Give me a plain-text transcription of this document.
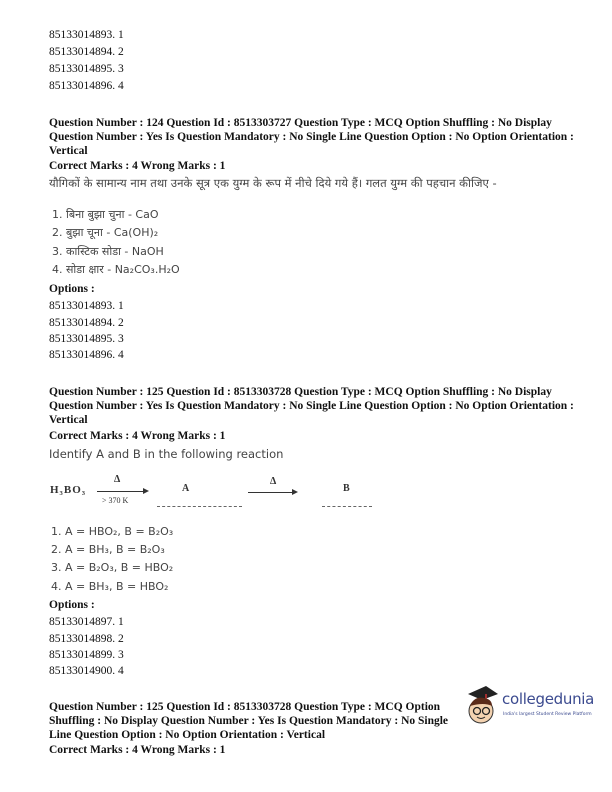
85133014893. 1
85133014894. 2
85133014895. 3
85133014896. 4
Question Number : 124 Question Id : 8513303727 Question Type : MCQ Option Shuffling : No Display Question Number : Yes Is Question Mandatory : No Single Line Question Option : No Option Orientation : Vertical
Correct Marks : 4 Wrong Marks : 1
यौगिकों के सामान्य नाम तथा उनके सूत्र एक युग्म के रूप में नीचे दिये गये हैं। गलत युग्म की पहचान कीजिए -
1. बिना बुझा चुना - CaO
2. बुझा चूना - Ca(OH)₂
3. कास्टिक सोडा - NaOH
4. सोडा क्षार - Na₂CO₃.H₂O
Options :
85133014893. 1
85133014894. 2
85133014895. 3
85133014896. 4
Question Number : 125 Question Id : 8513303728 Question Type : MCQ Option Shuffling : No Display Question Number : Yes Is Question Mandatory : No Single Line Question Option : No Option Orientation : Vertical
Correct Marks : 4 Wrong Marks : 1
Identify A and B in the following reaction
H₃BO₃
Δ
> 370 K
A
Δ
B
1. A = HBO₂, B = B₂O₃
2. A = BH₃, B = B₂O₃
3. A = B₂O₃, B = HBO₂
4. A = BH₃, B = HBO₂
Options :
85133014897. 1
85133014898. 2
85133014899. 3
85133014900. 4
Question Number : 125 Question Id : 8513303728 Question Type : MCQ Option Shuffling : No Display Question Number : Yes Is Question Mandatory : No Single Line Question Option : No Option Orientation : Vertical
Correct Marks : 4 Wrong Marks : 1
collegedunia
India's largest Student Review Platform
